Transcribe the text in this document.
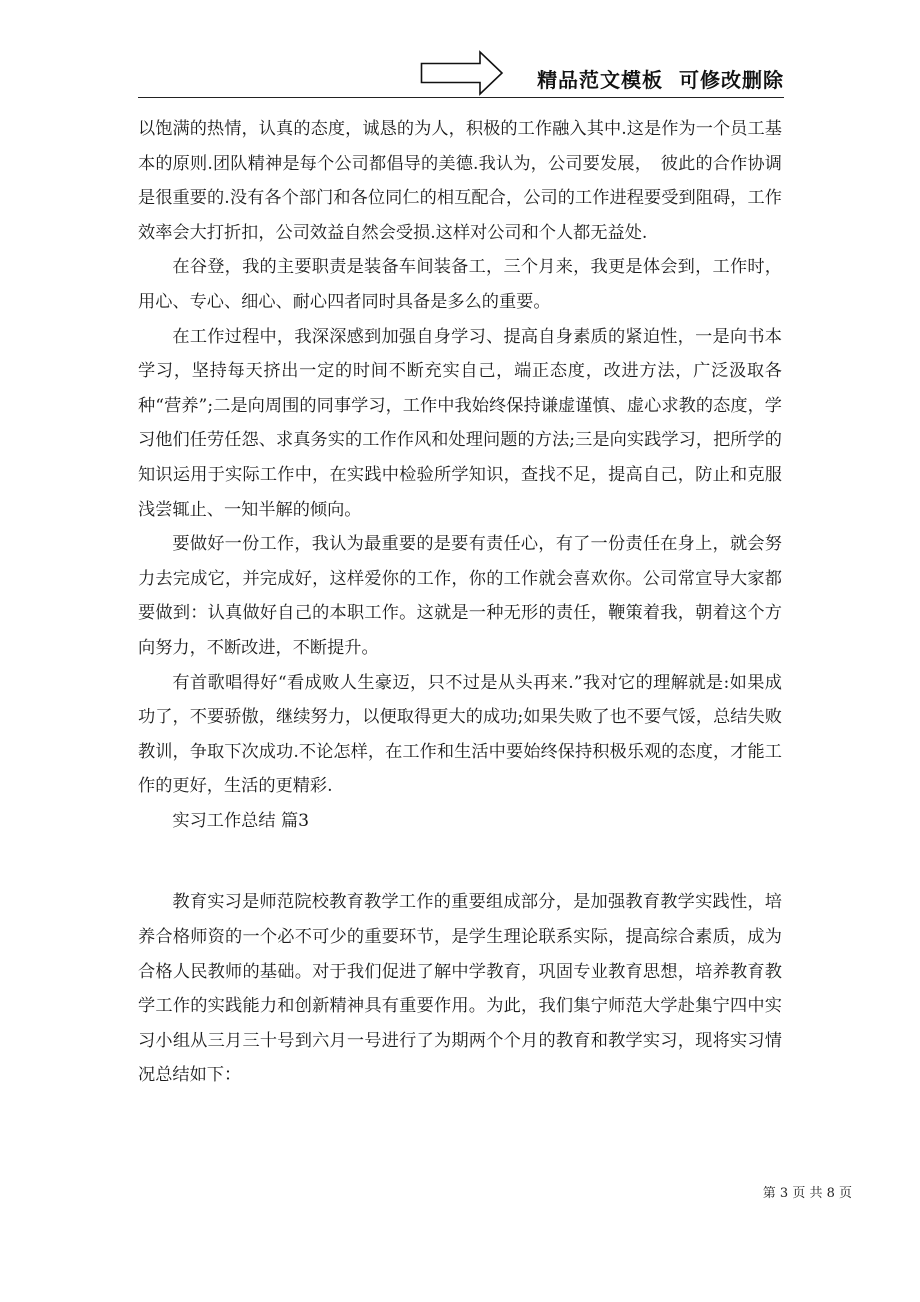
精品范文模板  可修改删除

以饱满的热情，认真的态度，诚恳的为人，积极的工作融入其中.这是作为一个员工基本的原则.团队精神是每个公司都倡导的美德.我认为，公司要发展，　彼此的合作协调是很重要的.没有各个部门和各位同仁的相互配合，公司的工作进程要受到阻碍，工作效率会大打折扣，公司效益自然会受损.这样对公司和个人都无益处.

在谷登，我的主要职责是装备车间装备工，三个月来，我更是体会到，工作时，用心、专心、细心、耐心四者同时具备是多么的重要。

在工作过程中，我深深感到加强自身学习、提高自身素质的紧迫性，一是向书本学习，坚持每天挤出一定的时间不断充实自己，端正态度，改进方法，广泛汲取各种“营养”;二是向周围的同事学习，工作中我始终保持谦虚谨慎、虚心求教的态度，学习他们任劳任怨、求真务实的工作作风和处理问题的方法;三是向实践学习，把所学的知识运用于实际工作中，在实践中检验所学知识，查找不足，提高自己，防止和克服浅尝辄止、一知半解的倾向。

要做好一份工作，我认为最重要的是要有责任心，有了一份责任在身上，就会努力去完成它，并完成好，这样爱你的工作，你的工作就会喜欢你。公司常宣导大家都要做到：认真做好自己的本职工作。这就是一种无形的责任，鞭策着我，朝着这个方向努力，不断改进，不断提升。

有首歌唱得好“看成败人生豪迈，只不过是从头再来.”我对它的理解就是:如果成功了，不要骄傲，继续努力，以便取得更大的成功;如果失败了也不要气馁，总结失败教训，争取下次成功.不论怎样，在工作和生活中要始终保持积极乐观的态度，才能工作的更好，生活的更精彩.

实习工作总结 篇3

教育实习是师范院校教育教学工作的重要组成部分，是加强教育教学实践性，培养合格师资的一个必不可少的重要环节，是学生理论联系实际，提高综合素质，成为合格人民教师的基础。对于我们促进了解中学教育，巩固专业教育思想，培养教育教学工作的实践能力和创新精神具有重要作用。为此，我们集宁师范大学赴集宁四中实习小组从三月三十号到六月一号进行了为期两个个月的教育和教学实习，现将实习情况总结如下：

第 3 页 共 8 页
